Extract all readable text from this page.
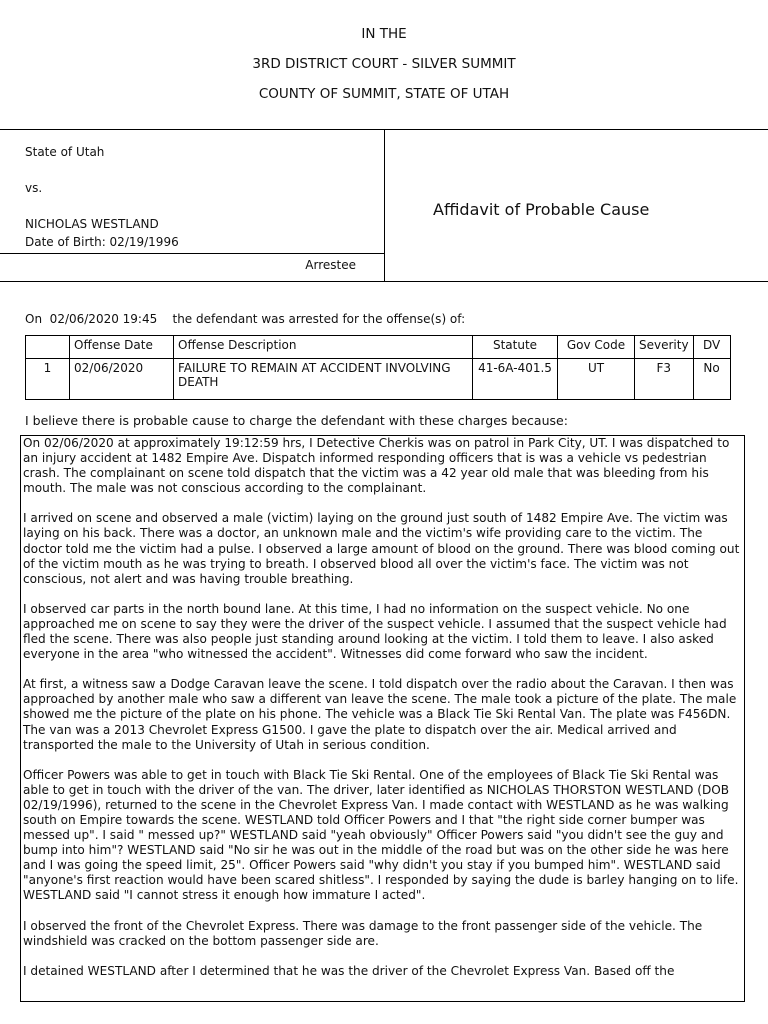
IN THE
3RD DISTRICT COURT - SILVER SUMMIT
COUNTY OF SUMMIT, STATE OF UTAH
State of Utah
vs.
NICHOLAS WESTLAND
Date of Birth: 02/19/1996
Arrestee
Affidavit of Probable Cause
On  02/06/2020 19:45    the defendant was arrested for the offense(s) of:
	Offense Date	Offense Description	Statute	Gov Code	Severity	DV
1	02/06/2020	FAILURE TO REMAIN AT ACCIDENT INVOLVING DEATH	41-6A-401.5	UT	F3	No
I believe there is probable cause to charge the defendant with these charges because:

On 02/06/2020 at approximately 19:12:59 hrs, I Detective Cherkis was on patrol in Park City, UT. I was dispatched to an injury accident at 1482 Empire Ave. Dispatch informed responding officers that is was a vehicle vs pedestrian crash. The complainant on scene told dispatch that the victim was a 42 year old male that was bleeding from his mouth. The male was not conscious according to the complainant.

I arrived on scene and observed a male (victim) laying on the ground just south of 1482 Empire Ave. The victim was laying on his back. There was a doctor, an unknown male and the victim's wife providing care to the victim. The doctor told me the victim had a pulse. I observed a large amount of blood on the ground. There was blood coming out of the victim mouth as he was trying to breath. I observed blood all over the victim's face. The victim was not conscious, not alert and was having trouble breathing.

I observed car parts in the north bound lane. At this time, I had no information on the suspect vehicle. No one approached me on scene to say they were the driver of the suspect vehicle. I assumed that the suspect vehicle had fled the scene. There was also people just standing around looking at the victim. I told them to leave. I also asked everyone in the area "who witnessed the accident". Witnesses did come forward who saw the incident.

At first, a witness saw a Dodge Caravan leave the scene. I told dispatch over the radio about the Caravan. I then was approached by another male who saw a different van leave the scene. The male took a picture of the plate. The male showed me the picture of the plate on his phone. The vehicle was a Black Tie Ski Rental Van. The plate was F456DN. The van was a 2013 Chevrolet Express G1500. I gave the plate to dispatch over the air. Medical arrived and transported the male to the University of Utah in serious condition.

Officer Powers was able to get in touch with Black Tie Ski Rental. One of the employees of Black Tie Ski Rental was able to get in touch with the driver of the van. The driver, later identified as NICHOLAS THORSTON WESTLAND (DOB 02/19/1996), returned to the scene in the Chevrolet Express Van. I made contact with WESTLAND as he was walking south on Empire towards the scene. WESTLAND told Officer Powers and I that "the right side corner bumper was messed up". I said " messed up?" WESTLAND said "yeah obviously" Officer Powers said "you didn't see the guy and bump into him"? WESTLAND said "No sir he was out in the middle of the road but was on the other side he was here and I was going the speed limit, 25". Officer Powers said "why didn't you stay if you bumped him". WESTLAND said "anyone's first reaction would have been scared shitless". I responded by saying the dude is barley hanging on to life. WESTLAND said "I cannot stress it enough how immature I acted".

I observed the front of the Chevrolet Express. There was damage to the front passenger side of the vehicle. The windshield was cracked on the bottom passenger side are.

I detained WESTLAND after I determined that he was the driver of the Chevrolet Express Van. Based off the
